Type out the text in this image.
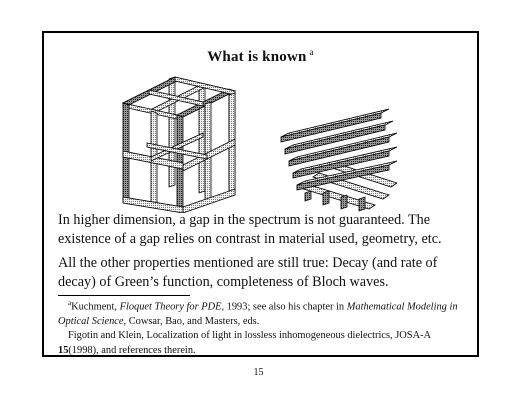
What is known $^a$

In higher dimension, a gap in the spectrum is not guaranteed. The existence of a gap relies on contrast in material used, geometry, etc.

All the other properties mentioned are still true: Decay (and rate of decay) of Green’s function, completeness of Bloch waves.

$^a$Kuchment, Floquet Theory for PDE, 1993; see also his chapter in Mathematical Modeling in Optical Science, Cowsar, Bao, and Masters, eds.

Figotin and Klein, Localization of light in lossless inhomogeneous dielectrics, JOSA-A 15(1998), and references therein.

15
